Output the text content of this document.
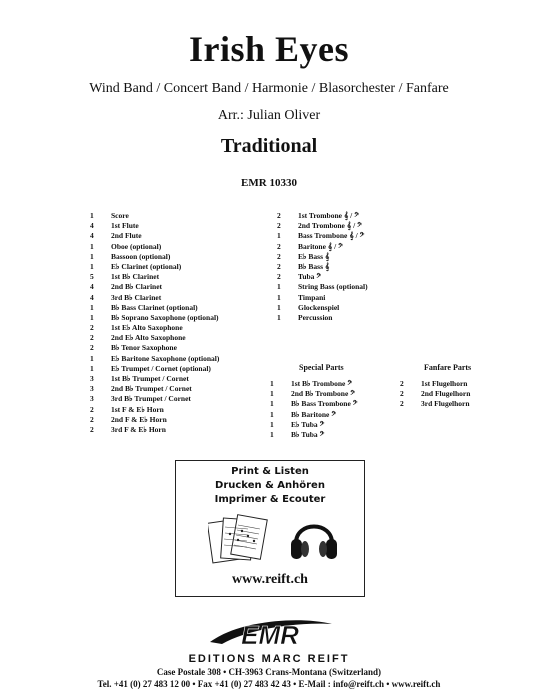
Irish Eyes
Wind Band / Concert Band / Harmonie / Blasorchester / Fanfare
Arr.: Julian Oliver
Traditional
EMR 10330
1 Score
4 1st Flute
4 2nd Flute
1 Oboe (optional)
1 Bassoon (optional)
1 E♭ Clarinet (optional)
5 1st B♭ Clarinet
4 2nd B♭ Clarinet
4 3rd B♭ Clarinet
1 B♭ Bass Clarinet (optional)
1 B♭ Soprano Saxophone (optional)
2 1st E♭ Alto Saxophone
2 2nd E♭ Alto Saxophone
2 B♭ Tenor Saxophone
1 E♭ Baritone Saxophone (optional)
1 E♭ Trumpet / Cornet (optional)
3 1st B♭ Trumpet / Cornet
3 2nd B♭ Trumpet / Cornet
3 3rd B♭ Trumpet / Cornet
2 1st F & E♭ Horn
2 2nd F & E♭ Horn
2 3rd F & E♭ Horn
2 1st Trombone 𝄞 / 𝄢
2 2nd Trombone 𝄞 / 𝄢
1 Bass Trombone 𝄞 / 𝄢
2 Baritone 𝄞 / 𝄢
2 E♭ Bass 𝄞
2 B♭ Bass 𝄞
2 Tuba 𝄢
1 String Bass (optional)
1 Timpani
1 Glockenspiel
1 Percussion
Special Parts	Fanfare Parts
1 1st B♭ Trombone 𝄢
1 2nd B♭ Trombone 𝄢
1 B♭ Bass Trombone 𝄢
1 B♭ Baritone 𝄢
1 E♭ Tuba 𝄢
1 B♭ Tuba 𝄢
2 1st Flugelhorn
2 2nd Flugelhorn
2 3rd Flugelhorn
Print & Listen
Drucken & Anhören
Imprimer & Ecouter
www.reift.ch
EMR
EDITIONS MARC REIFT
Case Postale 308 • CH-3963 Crans-Montana (Switzerland)
Tel. +41 (0) 27 483 12 00 • Fax +41 (0) 27 483 42 43 • E-Mail : info@reift.ch • www.reift.ch
